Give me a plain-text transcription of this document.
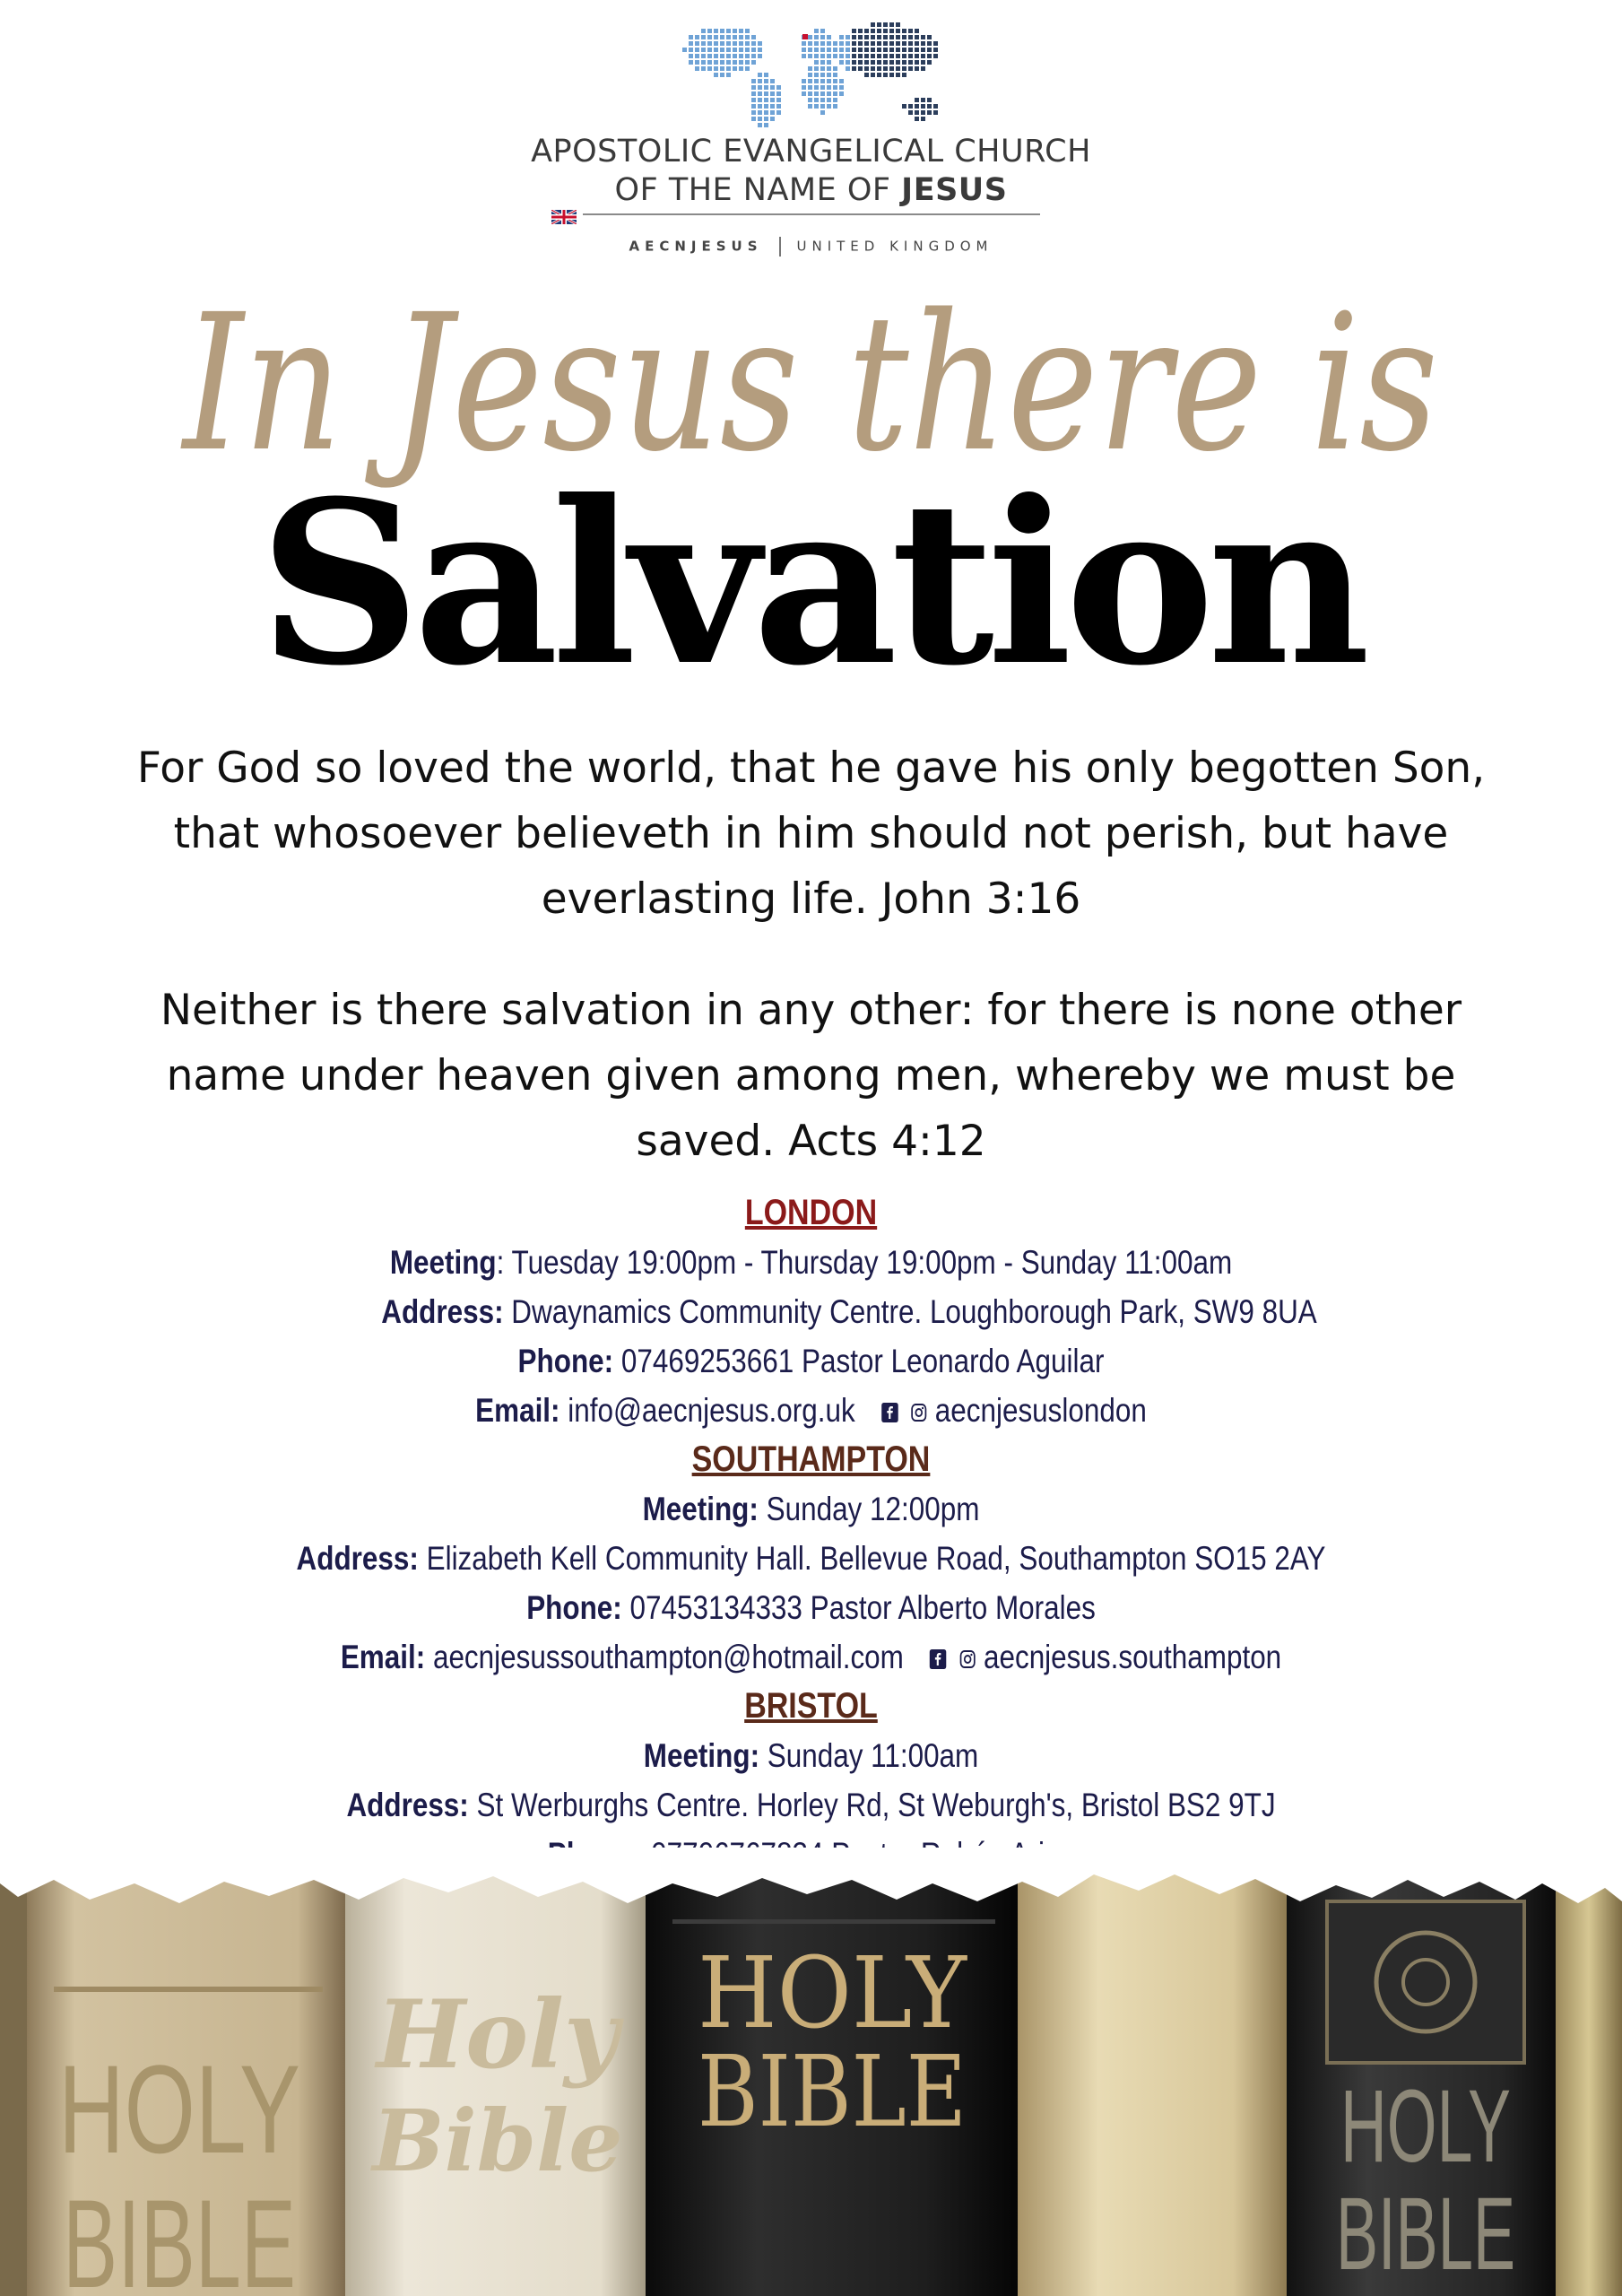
APOSTOLIC EVANGELICAL CHURCH
OF THE NAME OF JESUS
AECNJESUS	UNITED KINGDOM
In Jesus there is
Salvation
For God so loved the world, that he gave his only begotten Son, that whosoever believeth in him should not perish, but have everlasting life. John 3:16
Neither is there salvation in any other: for there is none other name under heaven given among men, whereby we must be saved. Acts 4:12
LONDON
Meeting: Tuesday 19:00pm - Thursday 19:00pm - Sunday 11:00am
Address: Dwaynamics Community Centre. Loughborough Park, SW9 8UA
Phone: 07469253661 Pastor Leonardo Aguilar
Email: info@aecnjesus.org.uk aecnjesuslondon
SOUTHAMPTON
Meeting: Sunday 12:00pm
Address: Elizabeth Kell Community Hall. Bellevue Road, Southampton SO15 2AY
Phone: 07453134333 Pastor Alberto Morales
Email: aecnjesussouthampton@hotmail.com aecnjesus.southampton
BRISTOL
Meeting: Sunday 11:00am
Address: St Werburghs Centre. Horley Rd, St Weburgh's, Bristol BS2 9TJ
HOLY
BIBLE
Holy
Bible
HOLY
BIBLE	HOLY
BIBLE
